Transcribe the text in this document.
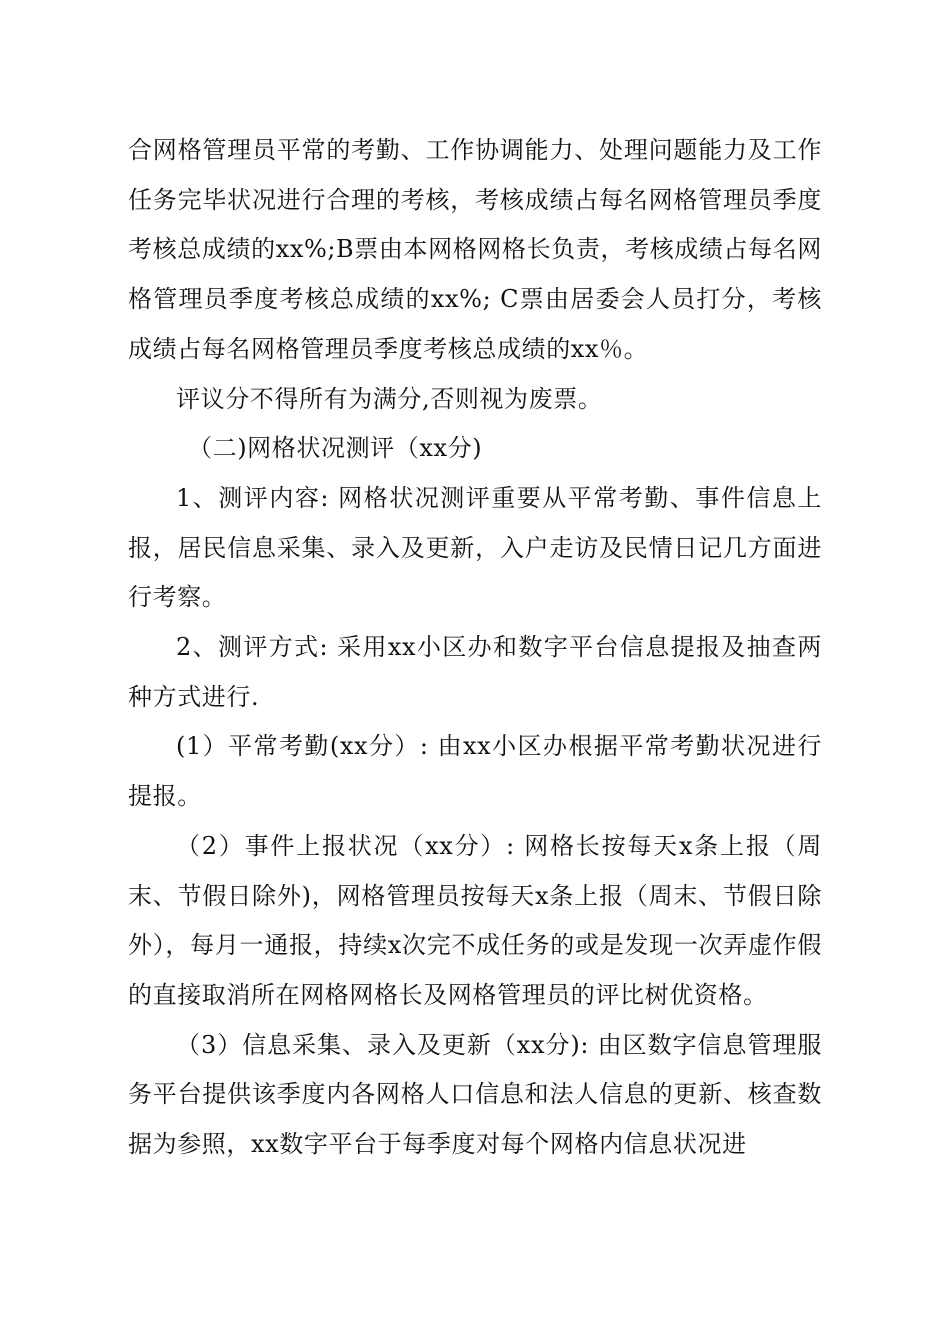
合网格管理员平常的考勤、工作协调能力、处理问题能力及工作任务完毕状况进行合理的考核，考核成绩占每名网格管理员季度考核总成绩的xx%;B票由本网格网格长负责，考核成绩占每名网格管理员季度考核总成绩的xx%; C票由居委会人员打分，考核成绩占每名网格管理员季度考核总成绩的xx％。

评议分不得所有为满分,否则视为废票。

（二)网格状况测评（xx分)

1、测评内容: 网格状况测评重要从平常考勤、事件信息上报，居民信息采集、录入及更新，入户走访及民情日记几方面进行考察。

2、测评方式: 采用xx小区办和数字平台信息提报及抽查两种方式进行.

(1）平常考勤(xx分）: 由xx小区办根据平常考勤状况进行提报。

（2）事件上报状况（xx分）: 网格长按每天x条上报（周末、节假日除外)，网格管理员按每天x条上报（周末、节假日除外），每月一通报，持续x次完不成任务的或是发现一次弄虚作假的直接取消所在网格网格长及网格管理员的评比树优资格。

（3）信息采集、录入及更新（xx分): 由区数字信息管理服务平台提供该季度内各网格人口信息和法人信息的更新、核查数据为参照，xx数字平台于每季度对每个网格内信息状况进
